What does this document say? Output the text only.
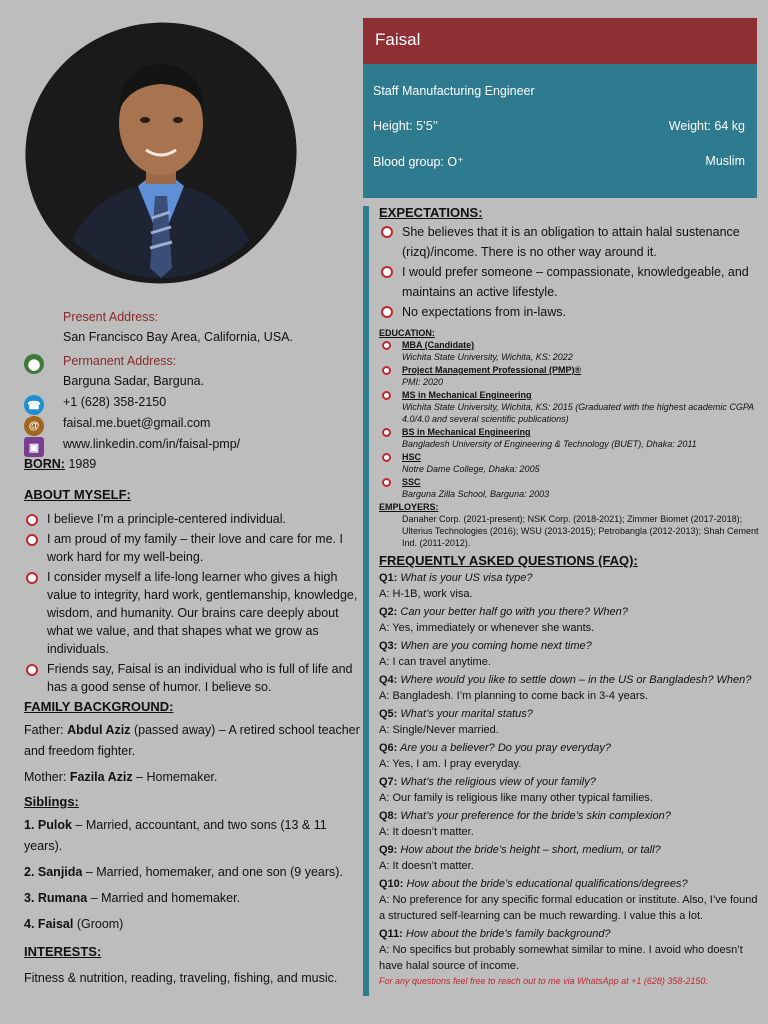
Present Address:
San Francisco Bay Area, California, USA.
⬤	Permanent Address:
Barguna Sadar, Barguna.
☎ +1 (628) 358-2150
@	faisal.me.buet@gmail.com
▣	www.linkedin.com/in/faisal-pmp/
BORN: 1989
ABOUT MYSELF:
I believe I’m a principle-centered individual.
I am proud of my family – their love and care for me. I work hard for my well-being.
I consider myself a life-long learner who gives a high value to integrity, hard work, gentlemanship, knowledge, wisdom, and humanity. Our brains care deeply about what we value, and that shapes what we grow as individuals.
Friends say, Faisal is an individual who is full of life and has a good sense of humor. I believe so.
FAMILY BACKGROUND:
Father: Abdul Aziz (passed away) – A retired school teacher and freedom fighter.
Mother: Fazila Aziz – Homemaker.
Siblings:
1. Pulok – Married, accountant, and two sons (13 & 11 years).
2. Sanjida – Married, homemaker, and one son (9 years).
3. Rumana – Married and homemaker.
4. Faisal (Groom)
INTERESTS:
Fitness & nutrition, reading, traveling, fishing, and music.
Faisal
Staff Manufacturing Engineer
Height: 5’5’’	Weight: 64 kg
Blood group: O⁺	Muslim
EXPECTATIONS:
She believes that it is an obligation to attain halal sustenance (rizq)/income. There is no other way around it.
I would prefer someone – compassionate, knowledgeable, and maintains an active lifestyle.
No expectations from in-laws.
EDUCATION:
MBA (Candidate)
Wichita State University, Wichita, KS: 2022
Project Management Professional (PMP)®
PMI: 2020
MS in Mechanical Engineering
Wichita State University, Wichita, KS: 2015 (Graduated with the highest academic CGPA 4.0/4.0 and several scientific publications)
BS in Mechanical Engineering
Bangladesh University of Engineering & Technology (BUET), Dhaka: 2011
HSC
Notre Dame College, Dhaka: 2005
SSC
Barguna Zilla School, Barguna: 2003
EMPLOYERS:
Danaher Corp. (2021-present); NSK Corp. (2018-2021); Zimmer Biomet (2017-2018); Ulterius Technologies (2016); WSU (2013-2015); Petrobangla (2012-2013); Shah Cement Ind. (2011-2012).
FREQUENTLY ASKED QUESTIONS (FAQ):
Q1: What is your US visa type?
A: H-1B, work visa.
Q2: Can your better half go with you there? When?
A: Yes, immediately or whenever she wants.
Q3: When are you coming home next time?
A: I can travel anytime.
Q4: Where would you like to settle down – in the US or Bangladesh? When?
A: Bangladesh. I’m planning to come back in 3-4 years.
Q5: What’s your marital status?
A: Single/Never married.
Q6: Are you a believer? Do you pray everyday?
A: Yes, I am. I pray everyday.
Q7: What’s the religious view of your family?
A: Our family is religious like many other typical families.
Q8: What’s your preference for the bride’s skin complexion?
A: It doesn’t matter.
Q9: How about the bride’s height – short, medium, or tall?
A: It doesn’t matter.
Q10: How about the bride’s educational qualifications/degrees?
A: No preference for any specific formal education or institute. Also, I’ve found a structured self-learning can be much rewarding. I value this a lot.
Q11: How about the bride’s family background?
A: No specifics but probably somewhat similar to mine. I avoid who doesn’t have halal source of income.
For any questions feel free to reach out to me via WhatsApp at +1 (628) 358-2150.
